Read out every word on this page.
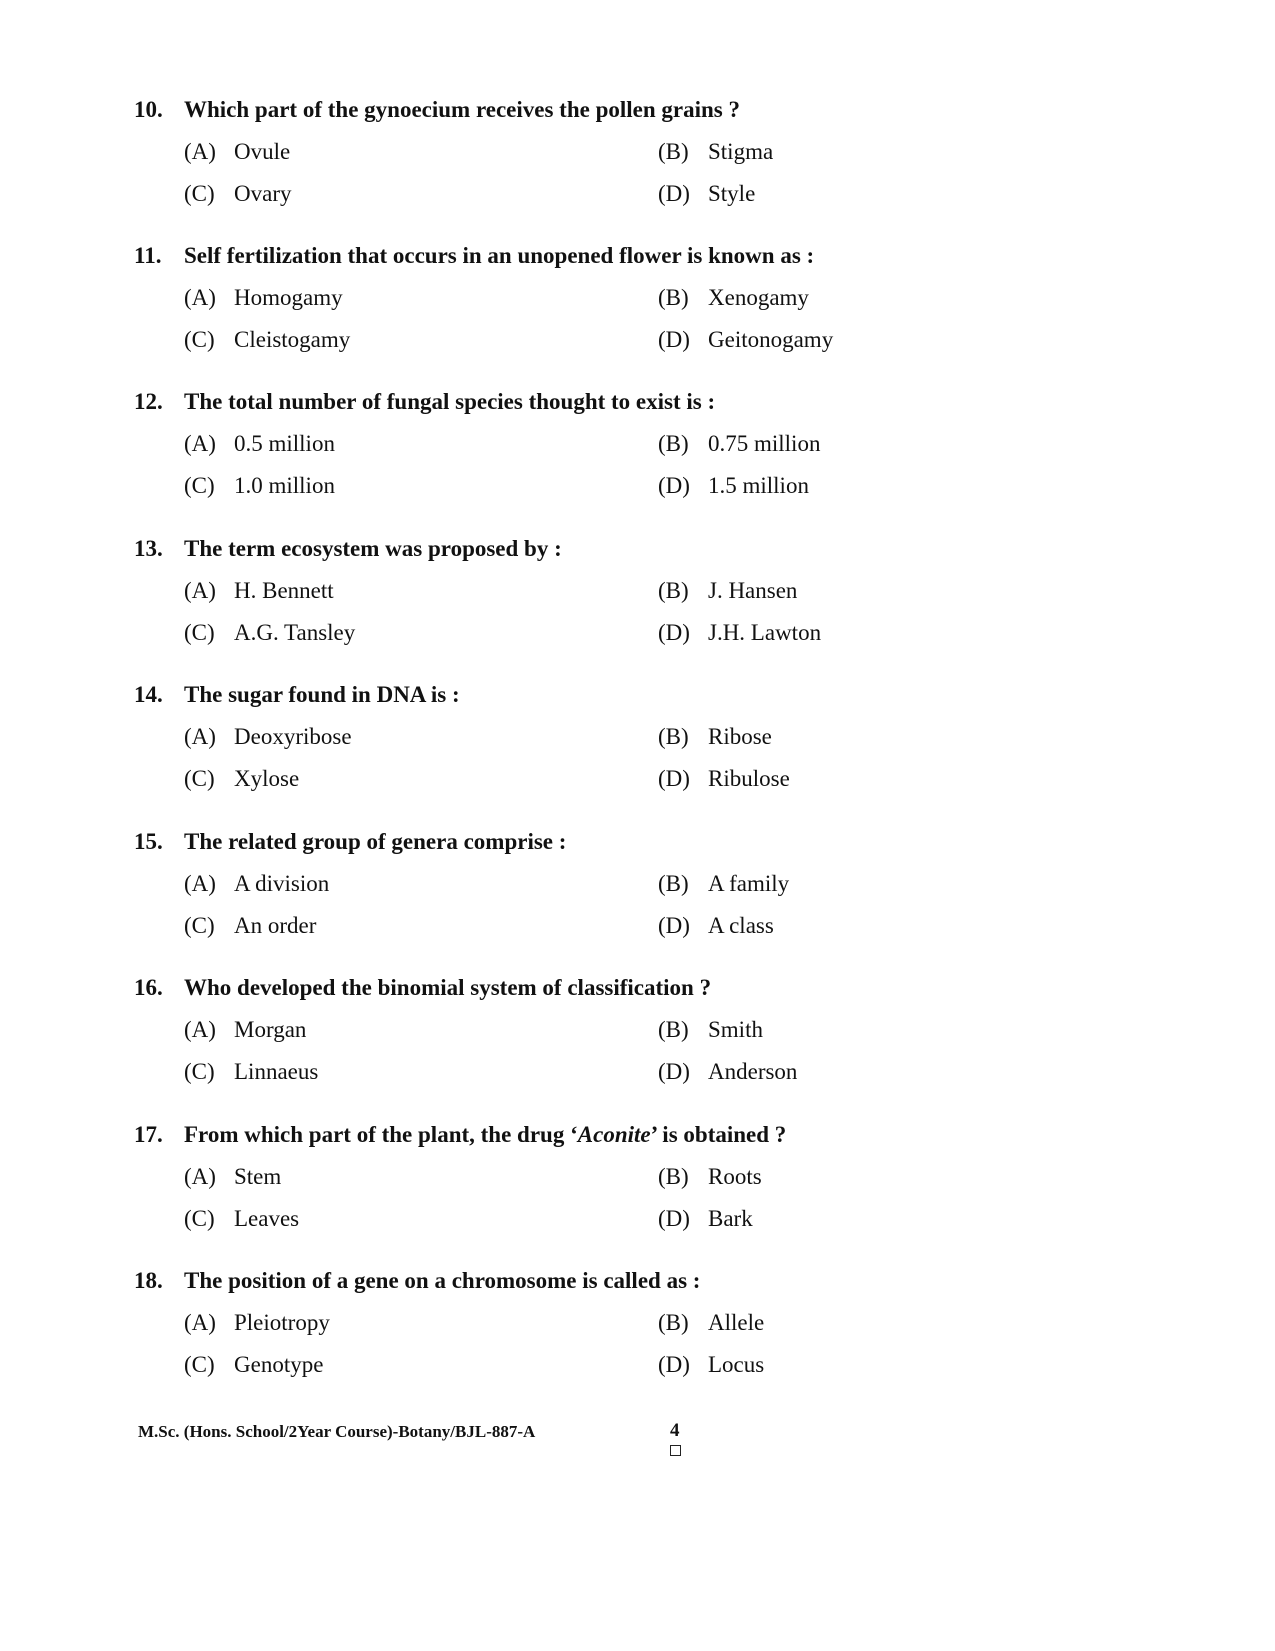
10. Which part of the gynoecium receives the pollen grains ?
(A) Ovule	(B) Stigma
(C) Ovary	(D) Style
11. Self fertilization that occurs in an unopened flower is known as :
(A) Homogamy	(B) Xenogamy
(C) Cleistogamy	(D) Geitonogamy
12. The total number of fungal species thought to exist is :
(A) 0.5 million	(B) 0.75 million
(C) 1.0 million	(D) 1.5 million
13. The term ecosystem was proposed by :
(A) H. Bennett	(B) J. Hansen
(C) A.G. Tansley	(D) J.H. Lawton
14. The sugar found in DNA is :
(A) Deoxyribose	(B) Ribose
(C) Xylose	(D) Ribulose
15. The related group of genera comprise :
(A) A division	(B) A family
(C) An order	(D) A class
16. Who developed the binomial system of classification ?
(A) Morgan	(B) Smith
(C) Linnaeus	(D) Anderson
17. From which part of the plant, the drug ‘Aconite’ is obtained ?
(A) Stem	(B) Roots
(C) Leaves	(D) Bark
18. The position of a gene on a chromosome is called as :
(A) Pleiotropy	(B) Allele
(C) Genotype	(D) Locus
M.Sc. (Hons. School/2Year Course)-Botany/BJL-887-A	4
